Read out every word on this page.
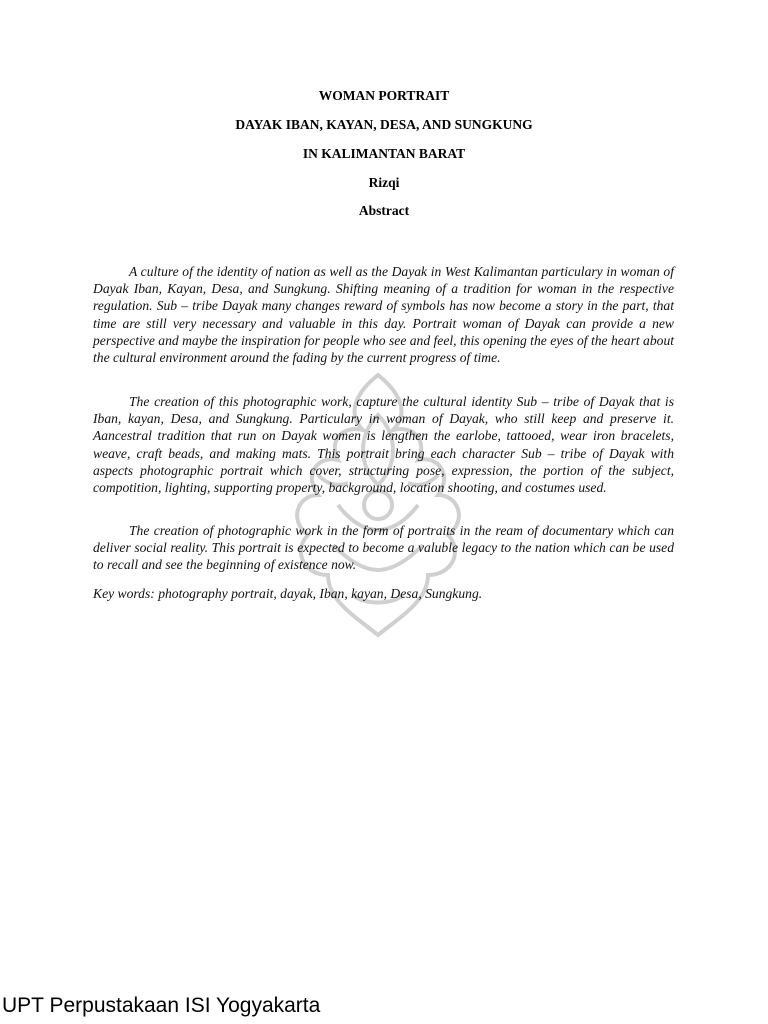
WOMAN PORTRAIT
DAYAK IBAN, KAYAN, DESA, AND SUNGKUNG
IN KALIMANTAN BARAT
Rizqi
Abstract

A culture of the identity of nation as well as the Dayak in West Kalimantan particulary in woman of Dayak Iban, Kayan, Desa, and Sungkung. Shifting meaning of a tradition for woman in the respective regulation. Sub – tribe Dayak many changes reward of symbols has now become a story in the part, that time are still very necessary and valuable in this day. Portrait woman of Dayak can provide a new perspective and maybe the inspiration for people who see and feel, this opening the eyes of the heart about the cultural environment around the fading by the current progress of time.

The creation of this photographic work, capture the cultural identity Sub – tribe of Dayak that is Iban, kayan, Desa, and Sungkung. Particulary in woman of Dayak, who still keep and preserve it. Aancestral tradition that run on Dayak women is lengthen the earlobe, tattooed, wear iron bracelets, weave, craft beads, and making mats. This portrait bring each character Sub – tribe of Dayak with aspects photographic portrait which cover, structuring pose, expression, the portion of the subject, compotition, lighting, supporting property, background, location shooting, and costumes used.

The creation of photographic work in the form of portraits in the ream of documentary which can deliver social reality. This portrait is expected to become a valuble legacy to the nation which can be used to recall and see the beginning of existence now.

Key words: photography portrait, dayak, Iban, kayan, Desa, Sungkung.

UPT Perpustakaan ISI Yogyakarta
